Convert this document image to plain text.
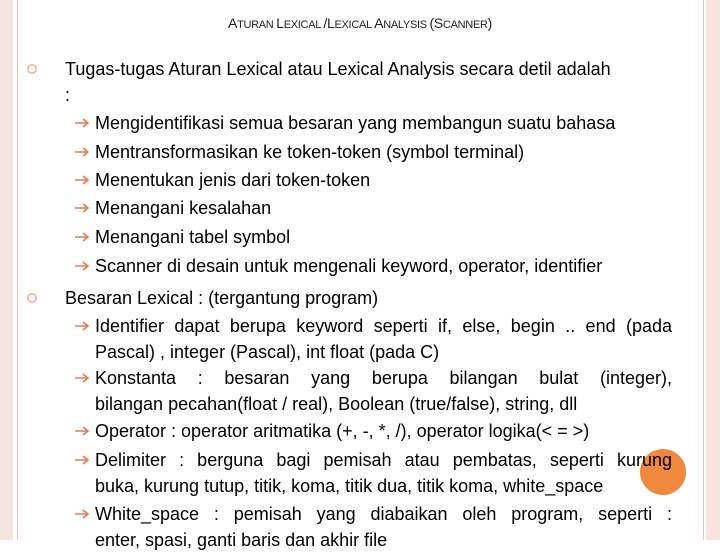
ATURAN LEXICAL /LEXICAL ANALYSIS (SCANNER)
Tugas-tugas Aturan Lexical atau Lexical Analysis secara detil adalah
:
Mengidentifikasi semua besaran yang membangun suatu bahasa
Mentransformasikan ke token-token (symbol terminal)
Menentukan jenis dari token-token
Menangani kesalahan
Menangani tabel symbol
Scanner di desain untuk mengenali keyword, operator, identifier
Besaran Lexical : (tergantung program)
Identifier dapat berupa keyword seperti if, else, begin .. end (pada
Pascal) , integer (Pascal), int float (pada C)
Konstanta : besaran yang berupa bilangan bulat (integer),
bilangan pecahan(float / real), Boolean (true/false), string, dll
Operator : operator aritmatika (+, -, *, /), operator logika(< = >)
Delimiter : berguna bagi pemisah atau pembatas, seperti kurung
buka, kurung tutup, titik, koma, titik dua, titik koma, white_space
White_space : pemisah yang diabaikan oleh program, seperti :
enter, spasi, ganti baris dan akhir file
